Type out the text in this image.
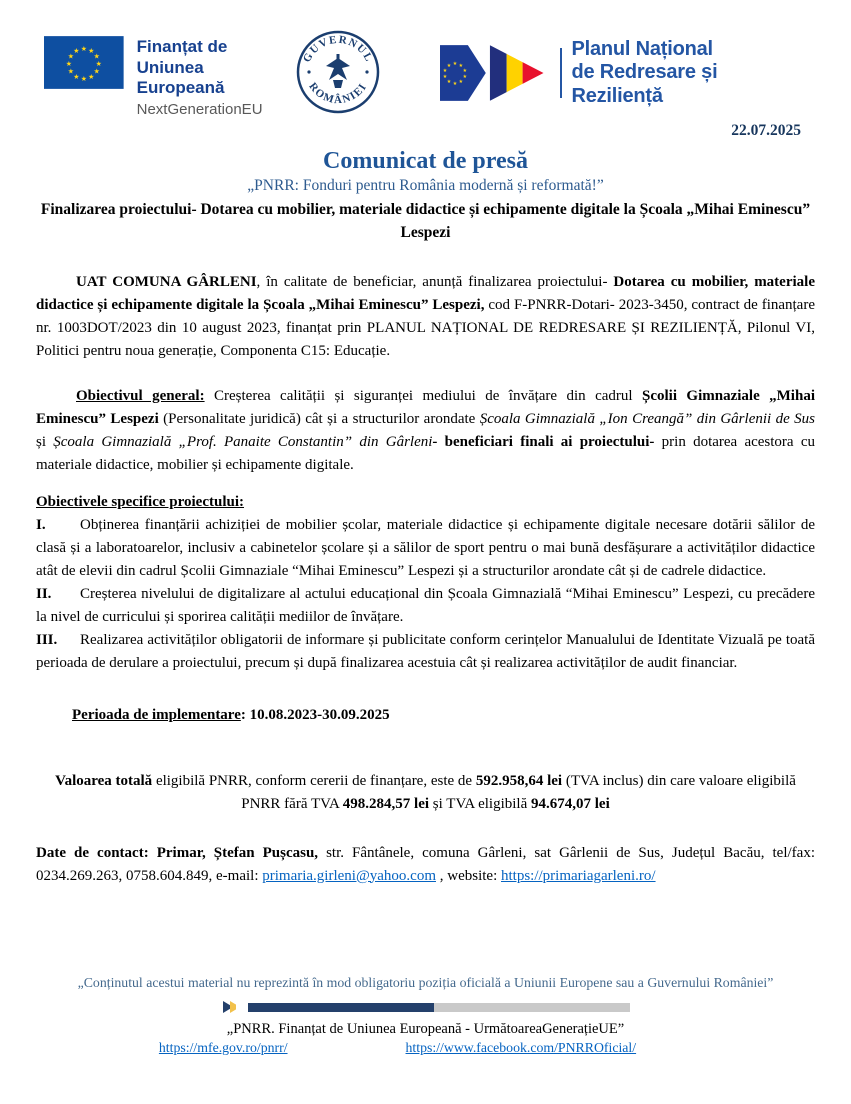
★ ★
★
★
★
★
★
★
★
★
★
★	Finanțat de
Uniunea Europeană
NextGenerationEU
GUVERNUL
ROMÂNIEI
★ ★
★
★
★
★
★
★
★
★
Planul Național
de Redresare și Reziliență
22.07.2025
Comunicat de presă
„PNRR: Fonduri pentru România modernă și reformată!”
Finalizarea proiectului- Dotarea cu mobilier, materiale didactice și echipamente digitale la Școala „Mihai Eminescu” Lespezi

UAT COMUNA GÂRLENI, în calitate de beneficiar, anunță finalizarea proiectului- Dotarea cu mobilier, materiale didactice și echipamente digitale la Școala „Mihai Eminescu” Lespezi, cod F-PNRR-Dotari- 2023-3450, contract de finanțare nr. 1003DOT/2023 din 10 august 2023, finanțat prin PLANUL NAȚIONAL DE REDRESARE ȘI REZILIENȚĂ, Pilonul VI, Politici pentru noua generație, Componenta C15: Educație.

Obiectivul general: Creșterea calității și siguranței mediului de învățare din cadrul Școlii Gimnaziale „Mihai Eminescu” Lespezi (Personalitate juridică) cât și a structurilor arondate Școala Gimnazială „Ion Creangă” din Gârlenii de Sus și Școala Gimnazială „Prof. Panaite Constantin” din Gârleni- beneficiari finali ai proiectului- prin dotarea acestora cu materiale didactice, mobilier și echipamente digitale.

Obiectivele specifice proiectului:

I. Obținerea finanțării achiziției de mobilier școlar, materiale didactice și echipamente digitale necesare dotării sălilor de clasă și a laboratoarelor, inclusiv a cabinetelor școlare și a sălilor de sport pentru o mai bună desfășurare a activităților didactice atât de elevii din cadrul Școlii Gimnaziale “Mihai Eminescu” Lespezi și a structurilor arondate cât și de cadrele didactice.

II. Creșterea nivelului de digitalizare al actului educațional din Școala Gimnazială “Mihai Eminescu” Lespezi, cu precădere la nivel de curricului și sporirea calității mediilor de învățare.

III. Realizarea activităților obligatorii de informare și publicitate conform cerințelor Manualului de Identitate Vizuală pe toată perioada de derulare a proiectului, precum și după finalizarea acestuia cât și realizarea activităților de audit financiar.

Perioada de implementare: 10.08.2023-30.09.2025

Valoarea totală eligibilă PNRR, conform cererii de finanțare, este de 592.958,64 lei (TVA inclus) din care valoare eligibilă PNRR fără TVA 498.284,57 lei și TVA eligibilă 94.674,07 lei

Date de contact: Primar, Ștefan Pușcasu, str. Fântânele, comuna Gârleni, sat Gârlenii de Sus, Județul Bacău, tel/fax: 0234.269.263, 0758.604.849, e-mail: primaria.girleni@yahoo.com , website: https://primariagarleni.ro/

„Conținutul acestui material nu reprezintă în mod obligatoriu poziția oficială a Uniunii Europene sau a Guvernului României”
„PNRR. Finanțat de Uniunea Europeană - UrmătoareaGenerațieUE”
https://mfe.gov.ro/pnrr/	https://www.facebook.com/PNRROficial/
